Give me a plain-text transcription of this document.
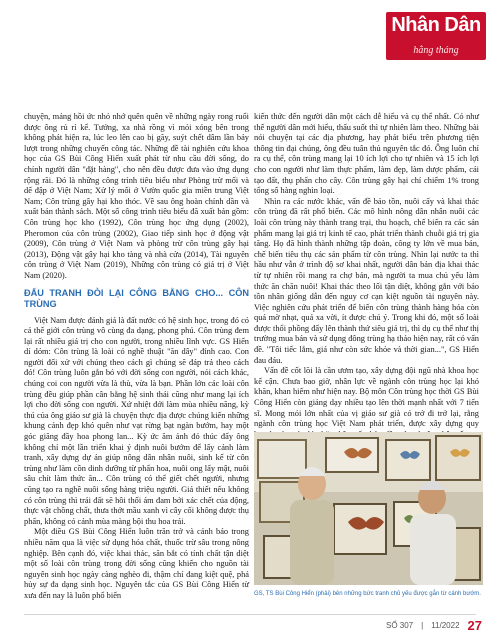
Nhân Dân
hằng tháng

chuyện, mảng hồi ức nhỏ nhớ quên quên về những ngày rong ruổi được ông rủ rỉ kể. Tưởng, xa nhà rồng vì mỏi xóng bên trong không phát hiện ra, lúc leo lên cao bị gãy, suýt chết dâm lần bảy lượt trong những chuyến công tác. Những đề tài nghiên cứu khoa học của GS Bùi Công Hiển xuất phát từ nhu cầu đời sống, do chính người dân "đặt hàng", cho nên đều được đưa vào ứng dụng rộng rãi. Đó là những công trình tiêu biểu như Phòng trừ mối và dế đập ở Việt Nam; Xử lý mối ở Vườn quốc gia miền trung Việt Nam; Côn trùng gây hại kho thóc. Về sau ông hoàn chỉnh dần và xuất bản thành sách. Một số công trình tiêu biểu đã xuất bản gồm: Côn trùng học kho (1992), Côn trùng học ứng dụng (2002), Pheromon của côn trùng (2002), Giao tiếp sinh học ở động vật (2009), Côn trùng ở Việt Nam và phòng trừ côn trùng gây hại (2013), Động vật gây hại kho tàng và nhà cửa (2014), Tài nguyên côn trùng ở Việt Nam (2019), Những côn trùng có giá trị ở Việt Nam (2020).

ĐẤU TRANH ĐÒI LẠI CÔNG BẰNG CHO... CÔN TRÙNG

Việt Nam được đánh giá là đất nước có hệ sinh học, trong đó có cả thế giới côn trùng vô cùng đa dạng, phong phú. Côn trùng đem lại rất nhiều giá trị cho con người, trong nhiều lĩnh vực. GS Hiển dí dỏm: Côn trùng là loài có nghề thuật "ăn dây" đỉnh cao. Con người đối xử với chúng theo cách gì chúng sẽ đáp trả theo cách đó! Côn trùng luôn gắn bó với đời sống con người, nói cách khác, chúng coi con người vừa là thù, vừa là bạn. Phần lớn các loài côn trùng đều giúp phần cân bằng hệ sinh thái cũng như mang lại ích lợi cho đời sống con người. Xứ nhiệt đới làm mùa nhiều năng, kỳ thú của ông giáo sư già là chuyện thực địa được chúng kiến những khung cảnh đẹp khó quên như vạt rừng bạt ngàn bướm, hay một góc giăng đầy hoa phong lan... Kỳ ức ăm ảnh đó thúc đẩy ông không chỉ một lần triển khai ý định nuôi bướm để lấy cảnh làm tranh, xây dựng dự án giúp nông dân nhân nuôi, sinh kế từ côn trùng như làm cồn dinh dưỡng từ phấn hoa, nuôi ong lấy mật, nuôi sâu chít làm thức ăn... Côn trùng có thể giết chết người, nhưng cũng tạo ra nghề nuôi sống hàng triệu người. Giá thiết nếu không có côn trùng thì trái đất sẽ hôi thối ám đam bởi xác chết của động, thực vật chồng chất, thưa thớt mầu xanh vì cây cối không được thụ phấn, không có cảnh mùa màng bội thu hoa trái.

Một điều GS Bùi Công Hiển luôn trăn trở và cảnh báo trong nhiều năm qua là việc sử dụng hóa chất, thuốc trừ sâu trong nông nghiệp. Bên cạnh đó, việc khai thác, săn bắt có tính chất tận diệt một số loài côn trùng trong đời sống cũng khiến cho nguồn tài nguyên sinh học ngày càng nghèo đi, thậm chí đang kiệt quệ, phá hủy sự đa dạng sinh học. Nguyên tắc của GS Bùi Công Hiển từ xưa đến nay là luôn phổ biến

kiến thức đến người dân một cách dễ hiểu và cụ thể nhất. Có như thế người dân mới hiểu, thấu suốt thì tự nhiên làm theo. Những bài nói chuyện tại các địa phương, hay phát biểu trên phương tiện thông tin đại chúng, ông đều tuân thủ nguyên tắc đó. Ông luôn chỉ ra cụ thể, côn trùng mang lại 10 ích lợi cho tự nhiên và 15 ích lợi cho con người như làm thực phẩm, làm đẹp, làm dược phẩm, cải tạo đất, thụ phấn cho cây. Côn trùng gây hại chỉ chiếm 1% trong tổng số hàng nghìn loại.

Nhìn ra các nước khác, vấn đề bảo tồn, nuôi cấy và khai thác côn trùng đã rất phổ biến. Các mô hình nông dân nhân nuôi các loài côn trùng này thành trang trại, thu hoạch, chế biến ra các sản phẩm mang lại giá trị kinh tế cao, phát triển thành chuỗi giá trị gia tăng. Họ đã hình thành những tập đoàn, công ty lớn về mua bán, chế biến tiêu thụ các sản phẩm từ côn trùng. Nhìn lại nước ta thì hầu như vẫn ở trình độ sơ khai nhất, người dân bản địa khai thác từ tự nhiên rồi mang ra chợ bán, mà người ta mua chủ yếu làm thức ăn chăn nuôi! Khai thác theo lối tận diệt, không gắn với bảo tồn nhân giống dẫn đến nguy cơ cạn kiệt nguồn tài nguyên này. Việc nghiên cứu phát triển để biến côn trùng thành hàng hóa còn quá mờ nhạt, quá xa vời, ít được chú ý. Trong khi đó, một số loài được thổi phồng đẩy lên thành thứ siêu giá trị, thì dụ cụ thể như thị trường mua bán và sử dụng đông trùng hạ thảo hiện nay, rất có vấn đề. "Tôi tiếc lắm, giá như còn sức khỏe và thời gian...", GS Hiển đau đáu.

Vấn đề cốt lõi là cần ươm tạo, xây dựng đội ngũ nhà khoa học kế cận. Chưa bao giờ, nhân lực về ngành côn trùng học lại khó khăn, khan hiếm như hiện nay. Bộ môn Côn trùng học thời GS Bùi Công Hiển còn giảng dạy nhiều tạo lên thời mạnh nhất với 7 tiến sĩ. Mong mỏi lớn nhất của vị giáo sư già có trở đi trở lại, rằng ngành côn trùng học Việt Nam phát triển, được xây dựng quy

GS, TS Bùi Công Hiển (phải) bên những bức tranh chủ yếu được gắn từ cánh bướm.
SỐ 307 | 11/2022 27
